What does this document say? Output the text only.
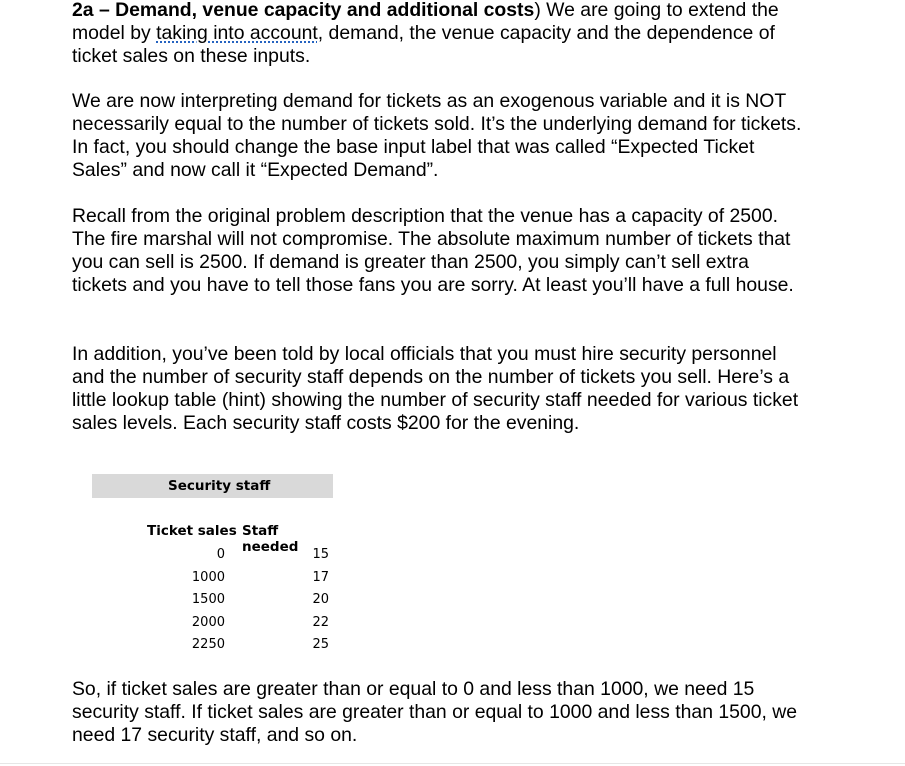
2a – Demand, venue capacity and additional costs) We are going to extend the model by taking into account, demand, the venue capacity and the dependence of ticket sales on these inputs.

We are now interpreting demand for tickets as an exogenous variable and it is NOT necessarily equal to the number of tickets sold. It’s the underlying demand for tickets. In fact, you should change the base input label that was called “Expected Ticket Sales” and now call it “Expected Demand”.

Recall from the original problem description that the venue has a capacity of 2500. The fire marshal will not compromise. The absolute maximum number of tickets that you can sell is 2500. If demand is greater than 2500, you simply can’t sell extra tickets and you have to tell those fans you are sorry. At least you’ll have a full house.

In addition, you’ve been told by local officials that you must hire security personnel and the number of security staff depends on the number of tickets you sell. Here’s a little lookup table (hint) showing the number of security staff needed for various ticket sales levels. Each security staff costs $200 for the evening.

So, if ticket sales are greater than or equal to 0 and less than 1000, we need 15 security staff. If ticket sales are greater than or equal to 1000 and less than 1500, we need 17 security staff, and so on.

Security staff
Ticket sales Staff needed
0	15
1000	17
1500	20
2000	22
2250	25
